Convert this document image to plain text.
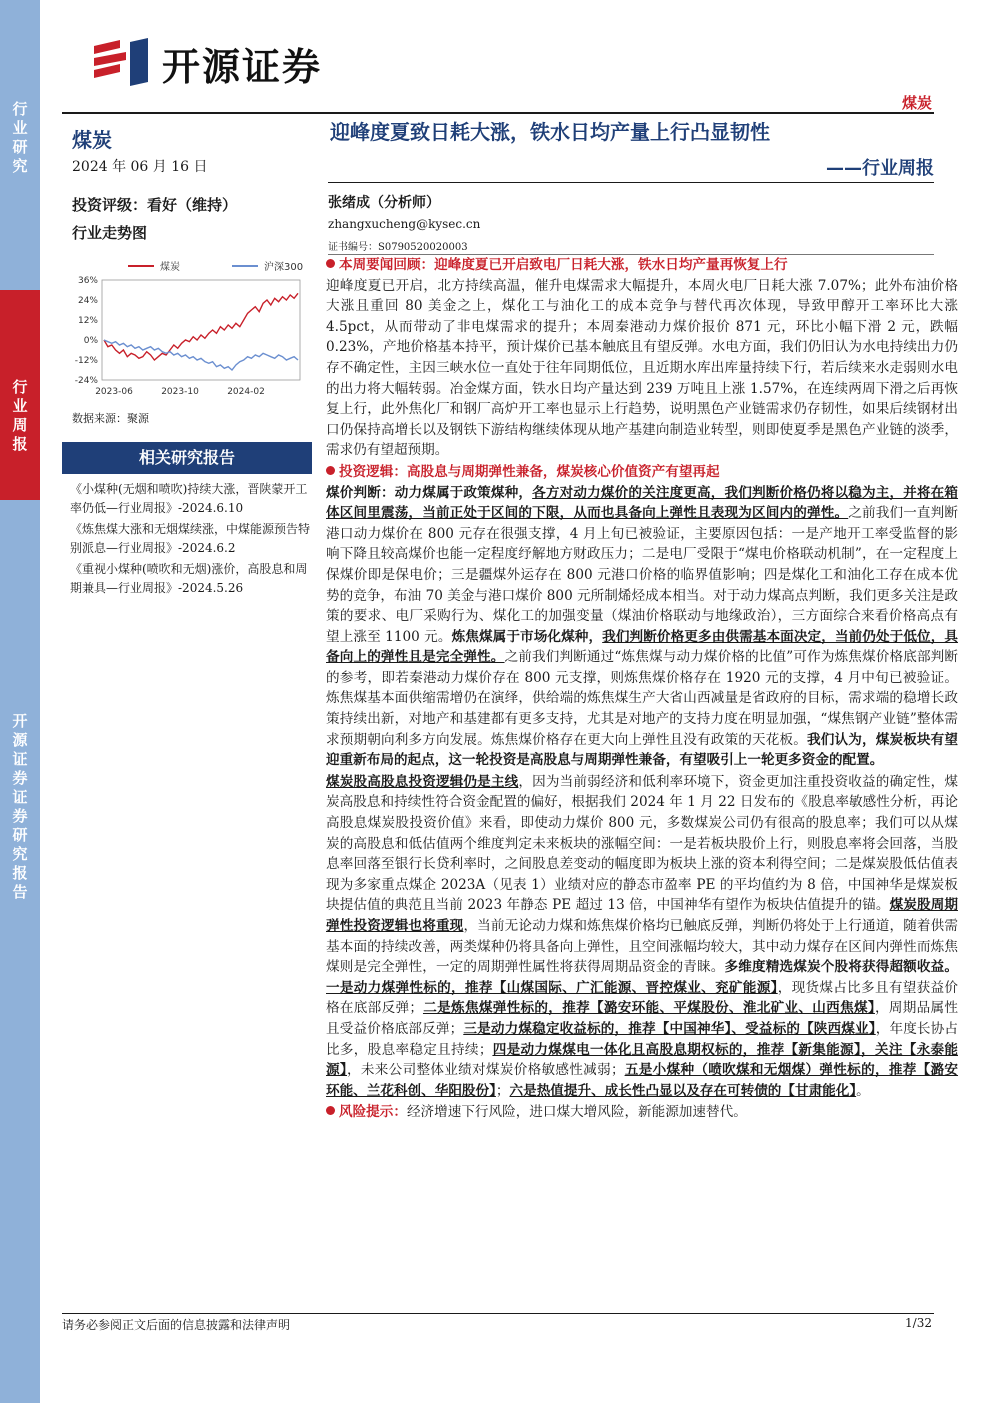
行
业
研
究
行
业
周
报
开
源
证
券
证
券
研
究
报
告
开源证券
煤炭
煤炭
2024 年 06 月 16 日
迎峰度夏致日耗大涨，铁水日均产量上行凸显韧性
——行业周报
投资评级：看好（维持）
行业走势图
36%
24%
12%
0%
-12%
-24%
2023-06	2023-10	2024-02
煤炭	沪深300
数据来源：聚源
相关研究报告
《小煤种(无烟和喷吹)持续大涨，晋陕蒙开工率仍低—行业周报》-2024.6.10
《炼焦煤大涨和无烟煤续涨，中煤能源预告特别派息—行业周报》-2024.6.2
《重视小煤种(喷吹和无烟)涨价，高股息和周期兼具—行业周报》-2024.5.26
张绪成（分析师）
zhangxucheng@kysec.cn
证书编号：S0790520020003
本周要闻回顾：迎峰度夏已开启致电厂日耗大涨，铁水日均产量再恢复上行
迎峰度夏已开启，北方持续高温，催升电煤需求大幅提升，本周火电厂日耗大涨 7.07%；此外布油价格大涨且重回 80 美金之上，煤化工与油化工的成本竞争与替代再次体现，导致甲醇开工率环比大涨 4.5pct，从而带动了非电煤需求的提升；本周秦港动力煤价报价 871 元，环比小幅下滑 2 元，跌幅 0.23%，产地价格基本持平，预计煤价已基本触底且有望反弹。水电方面，我们仍旧认为水电持续出力仍存不确定性，主因三峡水位一直处于往年同期低位，且近期水库出库量持续下行，若后续来水走弱则水电的出力将大幅转弱。冶金煤方面，铁水日均产量达到 239 万吨且上涨 1.57%，在连续两周下滑之后再恢复上行，此外焦化厂和钢厂高炉开工率也显示上行趋势，说明黑色产业链需求仍存韧性，如果后续钢材出口仍保持高增长以及钢铁下游结构继续体现从地产基建向制造业转型，则即使夏季是黑色产业链的淡季，需求仍有望超预期。
投资逻辑：高股息与周期弹性兼备，煤炭核心价值资产有望再起
煤价判断：动力煤属于政策煤种，各方对动力煤价的关注度更高，我们判断价格仍将以稳为主，并将在箱体区间里震荡，当前正处于区间的下限，从而也具备向上弹性且表现为区间内的弹性。之前我们一直判断港口动力煤价在 800 元存在很强支撑，4 月上旬已被验证，主要原因包括：一是产地开工率受监督的影响下降且较高煤价也能一定程度纾解地方财政压力；二是电厂受限于“煤电价格联动机制”，在一定程度上保煤价即是保电价；三是疆煤外运存在 800 元港口价格的临界值影响；四是煤化工和油化工存在成本优势的竞争，布油 70 美金与港口煤价 800 元所制烯烃成本相当。对于动力煤高点判断，我们更多关注是政策的要求、电厂采购行为、煤化工的加强变量（煤油价格联动与地缘政治），三方面综合来看价格高点有望上涨至 1100 元。炼焦煤属于市场化煤种，我们判断价格更多由供需基本面决定，当前仍处于低位，具备向上的弹性且是完全弹性。之前我们判断通过“炼焦煤与动力煤价格的比值”可作为炼焦煤价格底部判断的参考，即若秦港动力煤价存在 800 元支撑，则炼焦煤价格存在 1920 元的支撑，4 月中旬已被验证。炼焦煤基本面供缩需增仍在演绎，供给端的炼焦煤生产大省山西减量是省政府的目标，需求端的稳增长政策持续出新，对地产和基建都有更多支持，尤其是对地产的支持力度在明显加强，“煤焦钢产业链”整体需求预期朝向利多方向发展。炼焦煤价格存在更大向上弹性且没有政策的天花板。我们认为，煤炭板块有望迎重新布局的起点，这一轮投资是高股息与周期弹性兼备，有望吸引上一轮更多资金的配置。
煤炭股高股息投资逻辑仍是主线，因为当前弱经济和低利率环境下，资金更加注重投资收益的确定性，煤炭高股息和持续性符合资金配置的偏好，根据我们 2024 年 1 月 22 日发布的《股息率敏感性分析，再论高股息煤炭股投资价值》来看，即使动力煤价 800 元，多数煤炭公司仍有很高的股息率；我们可以从煤炭的高股息和低估值两个维度判定未来板块的涨幅空间：一是若板块股价上行，则股息率将会回落，当股息率回落至银行长贷利率时，之间股息差变动的幅度即为板块上涨的资本利得空间；二是煤炭股低估值表现为多家重点煤企 2023A（见表 1）业绩对应的静态市盈率 PE 的平均值约为 8 倍，中国神华是煤炭板块提估值的典范且当前 2023 年静态 PE 超过 13 倍，中国神华有望作为板块估值提升的锚。煤炭股周期弹性投资逻辑也将重现，当前无论动力煤和炼焦煤价格均已触底反弹，判断仍将处于上行通道，随着供需基本面的持续改善，两类煤种仍将具备向上弹性，且空间涨幅均较大，其中动力煤存在区间内弹性而炼焦煤则是完全弹性，一定的周期弹性属性将获得周期品资金的青睐。多维度精选煤炭个股将获得超额收益。一是动力煤弹性标的，推荐【山煤国际、广汇能源、晋控煤业、兖矿能源】，现货煤占比多且有望获益价格在底部反弹；二是炼焦煤弹性标的，推荐【潞安环能、平煤股份、淮北矿业、山西焦煤】，周期品属性且受益价格底部反弹；三是动力煤稳定收益标的，推荐【中国神华】、受益标的【陕西煤业】，年度长协占比多，股息率稳定且持续；四是动力煤煤电一体化且高股息期权标的，推荐【新集能源】，关注【永泰能源】，未来公司整体业绩对煤炭价格敏感性减弱；五是小煤种（喷吹煤和无烟煤）弹性标的，推荐【潞安环能、兰花科创、华阳股份】；六是热值提升、成长性凸显以及存在可转债的【甘肃能化】。
风险提示：经济增速下行风险，进口煤大增风险，新能源加速替代。
请务必参阅正文后面的信息披露和法律声明	1/32
